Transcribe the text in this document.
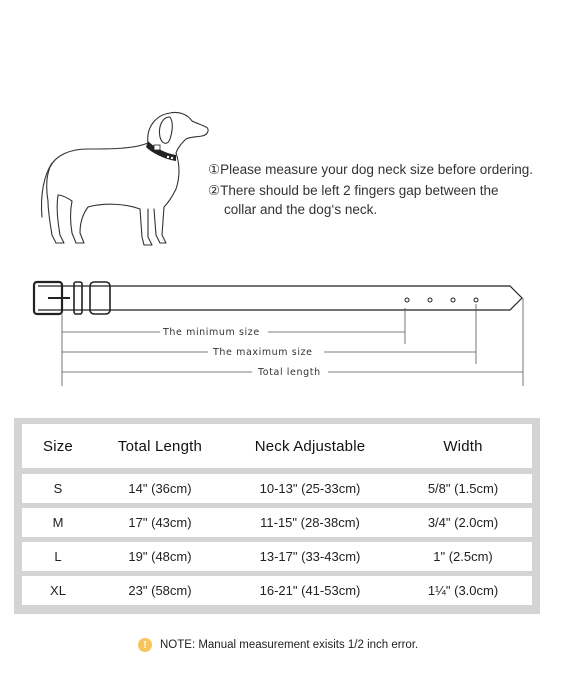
①Please measure your dog neck size before ordering.
②There should be left 2 fingers gap between the
collar and the dog‘s neck.
The minimum size
The maximum size
Total length
Size	Total Length	Neck Adjustable	Width
S	14" (36cm)	10-13" (25-33cm)	5/8" (1.5cm)
M	17" (43cm)	11-15" (28-38cm)	3/4" (2.0cm)
L	19" (48cm)	13-17" (33-43cm)	1" (2.5cm)
XL	23" (58cm)	16-21" (41-53cm)	1¼" (3.0cm)
!	NOTE: Manual measurement exisits 1/2 inch error.
